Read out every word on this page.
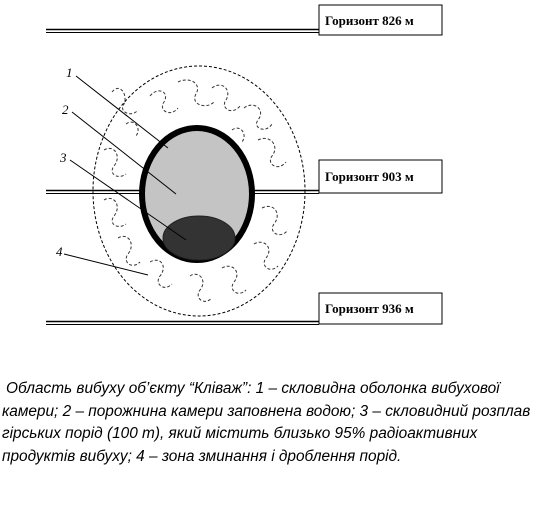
Горизонт 826 м
Горизонт 903 м
Горизонт 936 м
1
2
3
4
Область вибуху об’єкту “Кліваж”: 1 – скловидна оболонка вибухової камери; 2 – порожнина камери заповнена водою; 3 – скловидний розплав гірських порід (100 т), який містить близько 95% радіоактивних продуктів вибуху; 4 – зона зминання і дроблення порід.
